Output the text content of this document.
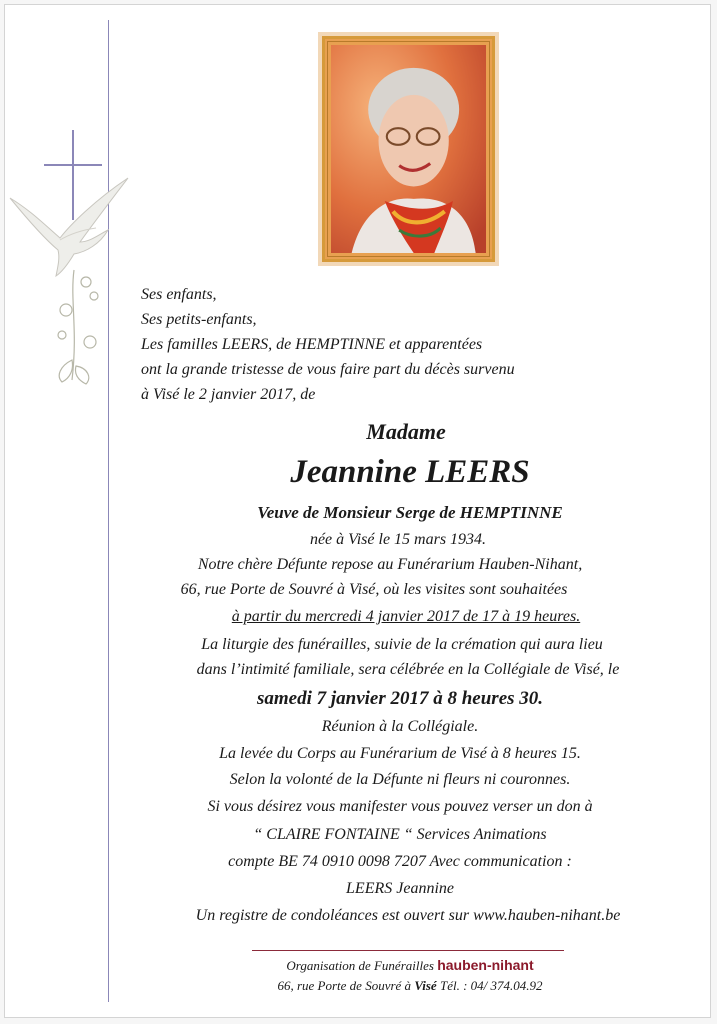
Ses enfants,
Ses petits-enfants,
Les familles LEERS, de HEMPTINNE et apparentées
ont la grande tristesse de vous faire part du décès survenu
à Visé le 2 janvier 2017, de
Madame
Jeannine LEERS
Veuve de Monsieur Serge de HEMPTINNE
née à Visé le 15 mars 1934.
Notre chère Défunte repose au Funérarium Hauben-Nihant,
66, rue Porte de Souvré à Visé, où les visites sont souhaitées
à partir du mercredi 4 janvier 2017 de 17 à 19 heures.
La liturgie des funérailles, suivie de la crémation qui aura lieu
dans l’intimité familiale, sera célébrée en la Collégiale de Visé, le
samedi 7 janvier 2017 à 8 heures 30.
Réunion à la Collégiale.
La levée du Corps au Funérarium de Visé à 8 heures 15.
Selon la volonté de la Défunte ni fleurs ni couronnes.
Si vous désirez vous manifester vous pouvez verser un don à
“ CLAIRE FONTAINE “ Services Animations
compte BE 74 0910 0098 7207 Avec communication :
LEERS Jeannine
Un registre de condoléances est ouvert sur www.hauben-nihant.be
Organisation de Funérailles hauben-nihant
66, rue Porte de Souvré à Visé Tél. : 04/ 374.04.92
